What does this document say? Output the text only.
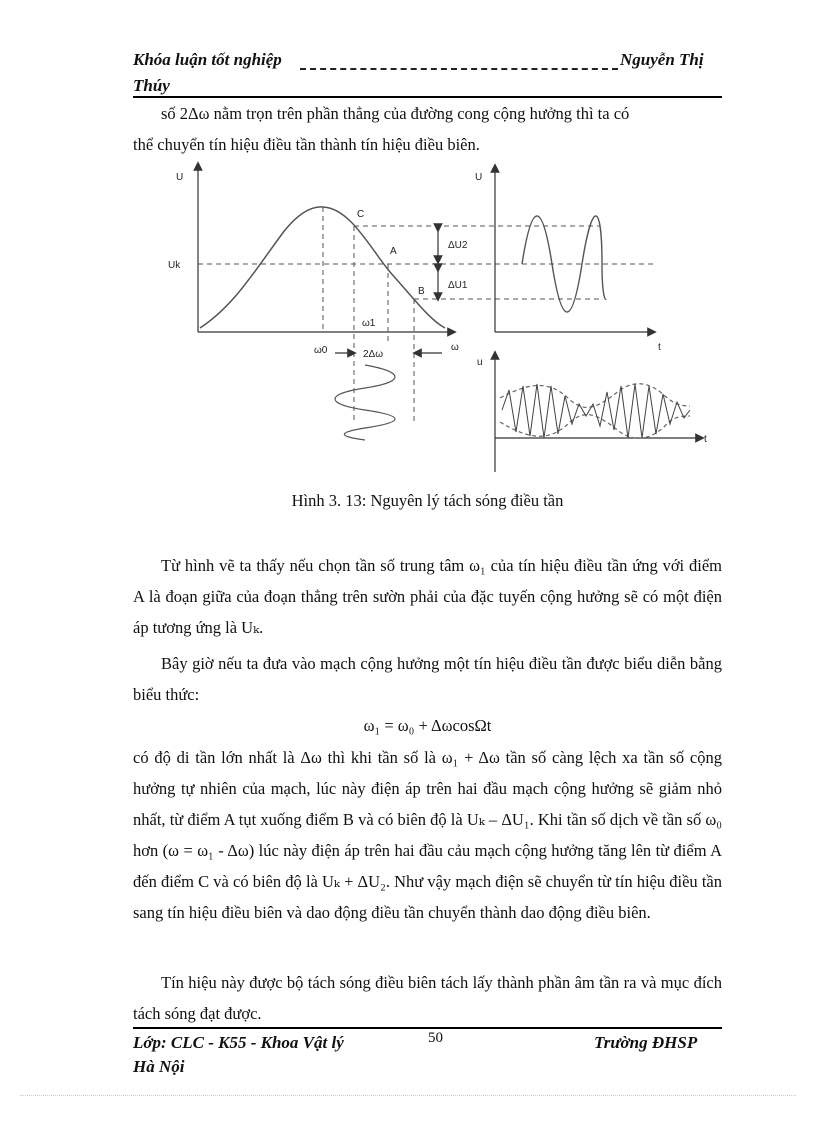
Khóa luận tốt nghiệp	Nguyễn Thị
Thúy
số 2Δω nằm trọn trên phần thẳng của đường cong cộng hưởng thì ta có
thể chuyển tín hiệu điều tần thành tín hiệu điều biên.
U
Uk
C
A
B
ΔU2
ΔU1
ω1
ω0	2Δω
ω
U
t
u
t
Hình 3. 13: Nguyên lý tách sóng điều tần
Từ hình vẽ ta thấy nếu chọn tần số trung tâm ω₁ của tín hiệu điều tần ứng với điểm A là đoạn giữa của đoạn thẳng trên sườn phải của đặc tuyến cộng hưởng sẽ có một điện áp tương ứng là Uₖ.
Bây giờ nếu ta đưa vào mạch cộng hưởng một tín hiệu điều tần được biểu diễn bằng biểu thức:
ω₁ = ω₀ + ΔωcosΩt
có độ di tần lớn nhất là Δω thì khi tần số là ω₁ + Δω tần số càng lệch xa tần số cộng hưởng tự nhiên của mạch, lúc này điện áp trên hai đầu mạch cộng hưởng sẽ giảm nhỏ nhất, từ điểm A tụt xuống điểm B và có biên độ là Uₖ – ΔU₁. Khi tần số dịch về tần số ω₀ hơn (ω = ω₁ - Δω) lúc này điện áp trên hai đầu cảu mạch cộng hưởng tăng lên từ điểm A đến điểm C và có biên độ là Uₖ + ΔU₂. Như vậy mạch điện sẽ chuyển từ tín hiệu điều tần sang tín hiệu điều biên và dao động điều tần chuyển thành dao động điều biên.
Tín hiệu này được bộ tách sóng điều biên tách lấy thành phần âm tần ra và mục đích tách sóng đạt được.
Lớp: CLC - K55 - Khoa Vật lý	50	Trường ĐHSP
Hà Nội
